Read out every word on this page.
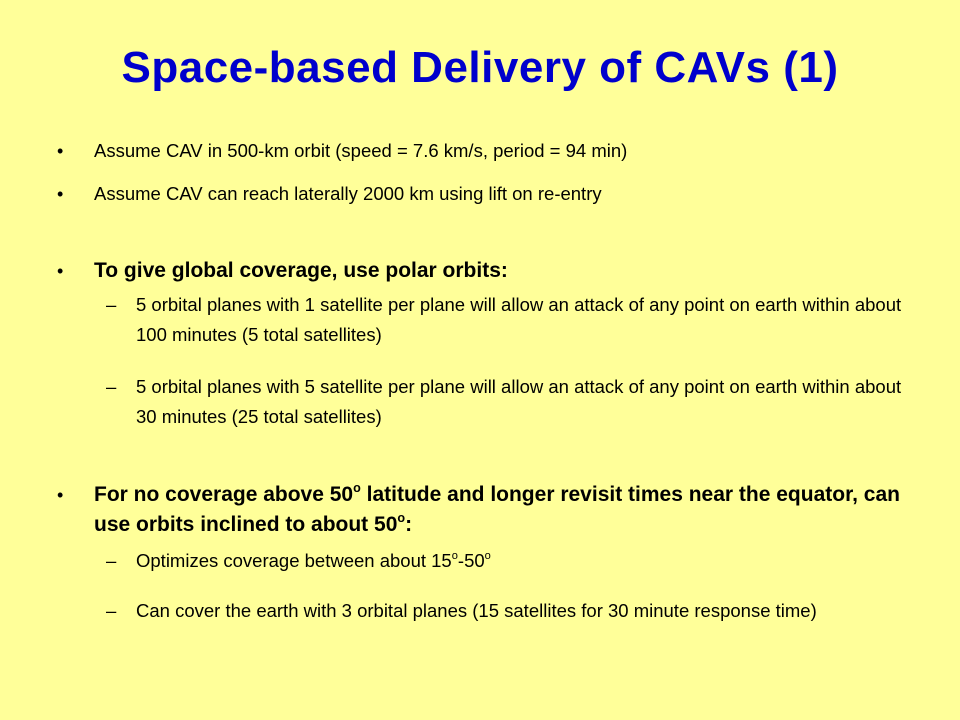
Space-based Delivery of CAVs (1)
• Assume CAV in 500-km orbit (speed = 7.6 km/s, period = 94 min)
• Assume CAV can reach laterally 2000 km using lift on re-entry
• To give global coverage, use polar orbits:
– 5 orbital planes with 1 satellite per plane will allow an attack of any point on earth within about 100 minutes (5 total satellites)
– 5 orbital planes with 5 satellite per plane will allow an attack of any point on earth within about 30 minutes (25 total satellites)
• For no coverage above 50$^o$ latitude and longer revisit times near the equator, can use orbits inclined to about 50$^o$:
– Optimizes coverage between about 15$^o$-50$^o$
– Can cover the earth with 3 orbital planes (15 satellites for 30 minute response time)
